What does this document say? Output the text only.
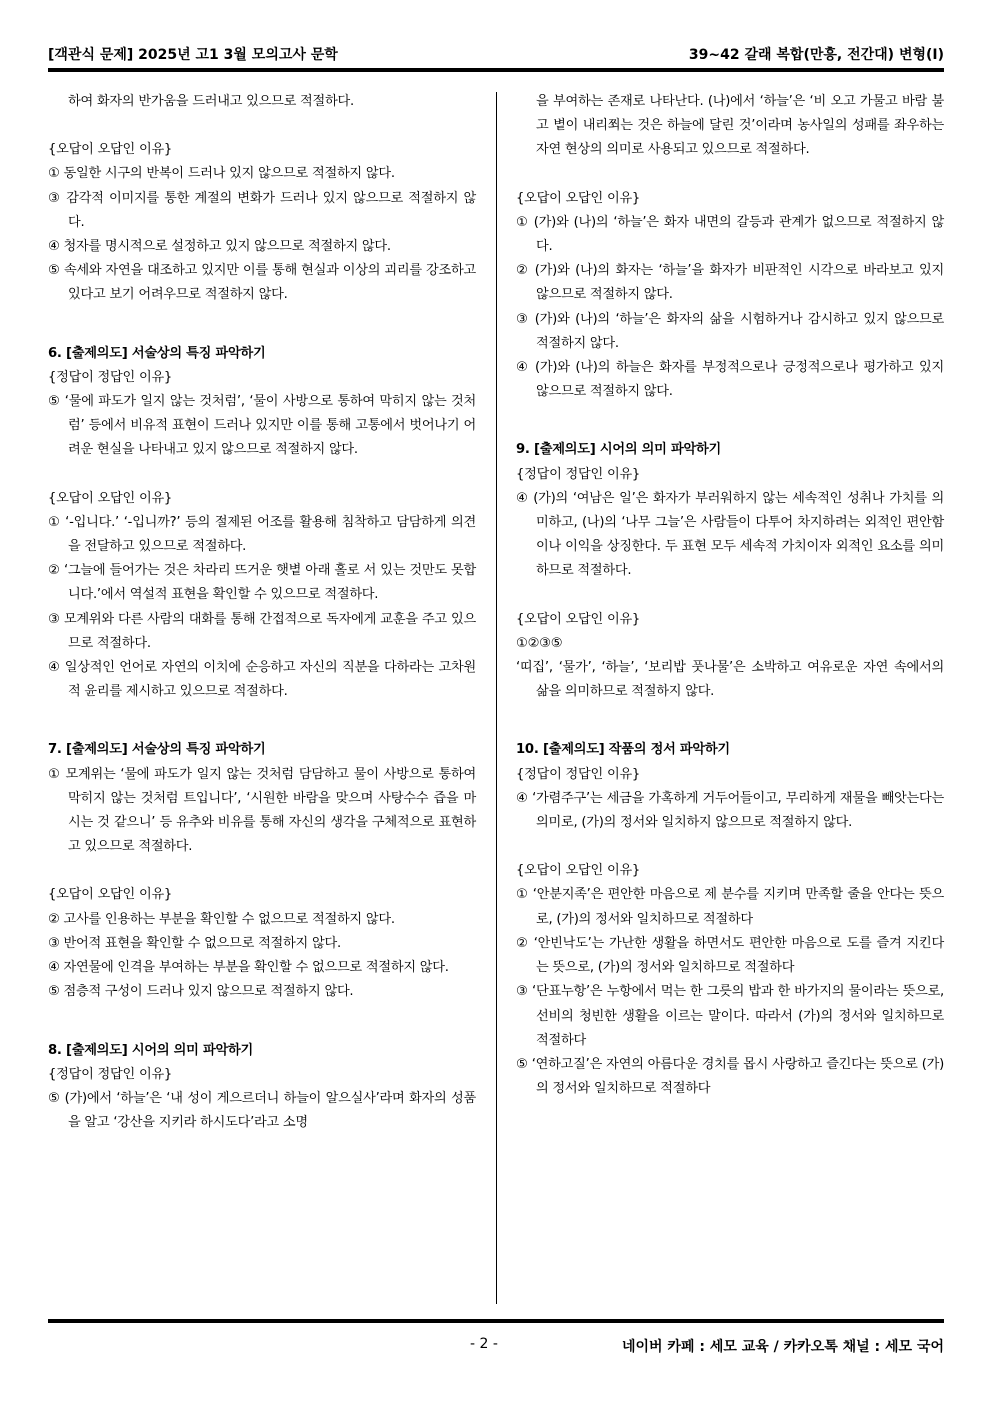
[객관식 문제] 2025년 고1 3월 모의고사 문학	39~42 갈래 복합(만흥, 전간대) 변형(I)

하여 화자의 반가움을 드러내고 있으므로 적절하다.

{오답이 오답인 이유}

① 동일한 시구의 반복이 드러나 있지 않으므로 적절하지 않다.

③ 감각적 이미지를 통한 계절의 변화가 드러나 있지 않으므로 적절하지 않다.

④ 청자를 명시적으로 설정하고 있지 않으므로 적절하지 않다.

⑤ 속세와 자연을 대조하고 있지만 이를 통해 현실과 이상의 괴리를 강조하고 있다고 보기 어려우므로 적절하지 않다.

6. [출제의도] 서술상의 특징 파악하기

{정답이 정답인 이유}

⑤ ‘물에 파도가 일지 않는 것처럼’, ‘물이 사방으로 통하여 막히지 않는 것처럼’ 등에서 비유적 표현이 드러나 있지만 이를 통해 고통에서 벗어나기 어려운 현실을 나타내고 있지 않으므로 적절하지 않다.

{오답이 오답인 이유}

① ‘-입니다.’ ‘-입니까?’ 등의 절제된 어조를 활용해 침착하고 담담하게 의견을 전달하고 있으므로 적절하다.

② ‘그늘에 들어가는 것은 차라리 뜨거운 햇볕 아래 홀로 서 있는 것만도 못합니다.’에서 역설적 표현을 확인할 수 있으므로 적절하다.

③ 모계위와 다른 사람의 대화를 통해 간접적으로 독자에게 교훈을 주고 있으므로 적절하다.

④ 일상적인 언어로 자연의 이치에 순응하고 자신의 직분을 다하라는 고차원적 윤리를 제시하고 있으므로 적절하다.

7. [출제의도] 서술상의 특징 파악하기

① 모계위는 ‘물에 파도가 일지 않는 것처럼 담담하고 물이 사방으로 통하여 막히지 않는 것처럼 트입니다’, ‘시원한 바람을 맞으며 사탕수수 즙을 마시는 것 같으니’ 등 유추와 비유를 통해 자신의 생각을 구체적으로 표현하고 있으므로 적절하다.

{오답이 오답인 이유}

② 고사를 인용하는 부분을 확인할 수 없으므로 적절하지 않다.

③ 반어적 표현을 확인할 수 없으므로 적절하지 않다.

④ 자연물에 인격을 부여하는 부분을 확인할 수 없으므로 적절하지 않다.

⑤ 점층적 구성이 드러나 있지 않으므로 적절하지 않다.

8. [출제의도] 시어의 의미 파악하기

{정답이 정답인 이유}

⑤ (가)에서 ‘하늘’은 ‘내 성이 게으르더니 하늘이 알으실사’라며 화자의 성품을 알고 ‘강산을 지키라 하시도다’라고 소명

을 부여하는 존재로 나타난다. (나)에서 ‘하늘’은 ‘비 오고 가물고 바람 불고 볕이 내리쬐는 것은 하늘에 달린 것’이라며 농사일의 성패를 좌우하는 자연 현상의 의미로 사용되고 있으므로 적절하다.

{오답이 오답인 이유}

① (가)와 (나)의 ‘하늘’은 화자 내면의 갈등과 관계가 없으므로 적절하지 않다.

② (가)와 (나)의 화자는 ‘하늘’을 화자가 비판적인 시각으로 바라보고 있지 않으므로 적절하지 않다.

③ (가)와 (나)의 ‘하늘’은 화자의 삶을 시험하거나 감시하고 있지 않으므로 적절하지 않다.

④ (가)와 (나)의 하늘은 화자를 부정적으로나 긍정적으로나 평가하고 있지 않으므로 적절하지 않다.

9. [출제의도] 시어의 의미 파악하기

{정답이 정답인 이유}

④ (가)의 ‘여남은 일’은 화자가 부러워하지 않는 세속적인 성취나 가치를 의미하고, (나)의 ‘나무 그늘’은 사람들이 다투어 차지하려는 외적인 편안함이나 이익을 상징한다. 두 표현 모두 세속적 가치이자 외적인 요소를 의미하므로 적절하다.

{오답이 오답인 이유}

①②③⑤

‘띠집’, ‘물가’, ‘하늘’, ‘보리밥 풋나물’은 소박하고 여유로운 자연 속에서의 삶을 의미하므로 적절하지 않다.

10. [출제의도] 작품의 정서 파악하기

{정답이 정답인 이유}

④ ‘가렴주구’는 세금을 가혹하게 거두어들이고, 무리하게 재물을 빼앗는다는 의미로, (가)의 정서와 일치하지 않으므로 적절하지 않다.

{오답이 오답인 이유}

① ‘안분지족’은 편안한 마음으로 제 분수를 지키며 만족할 줄을 안다는 뜻으로, (가)의 정서와 일치하므로 적절하다

② ‘안빈낙도’는 가난한 생활을 하면서도 편안한 마음으로 도를 즐겨 지킨다는 뜻으로, (가)의 정서와 일치하므로 적절하다

③ ‘단표누항’은 누항에서 먹는 한 그릇의 밥과 한 바가지의 물이라는 뜻으로, 선비의 청빈한 생활을 이르는 말이다. 따라서 (가)의 정서와 일치하므로 적절하다

⑤ ‘연하고질’은 자연의 아름다운 경치를 몹시 사랑하고 즐긴다는 뜻으로 (가)의 정서와 일치하므로 적절하다

- 2 -	네이버 카페 : 세모 교육 / 카카오톡 채널 : 세모 국어
